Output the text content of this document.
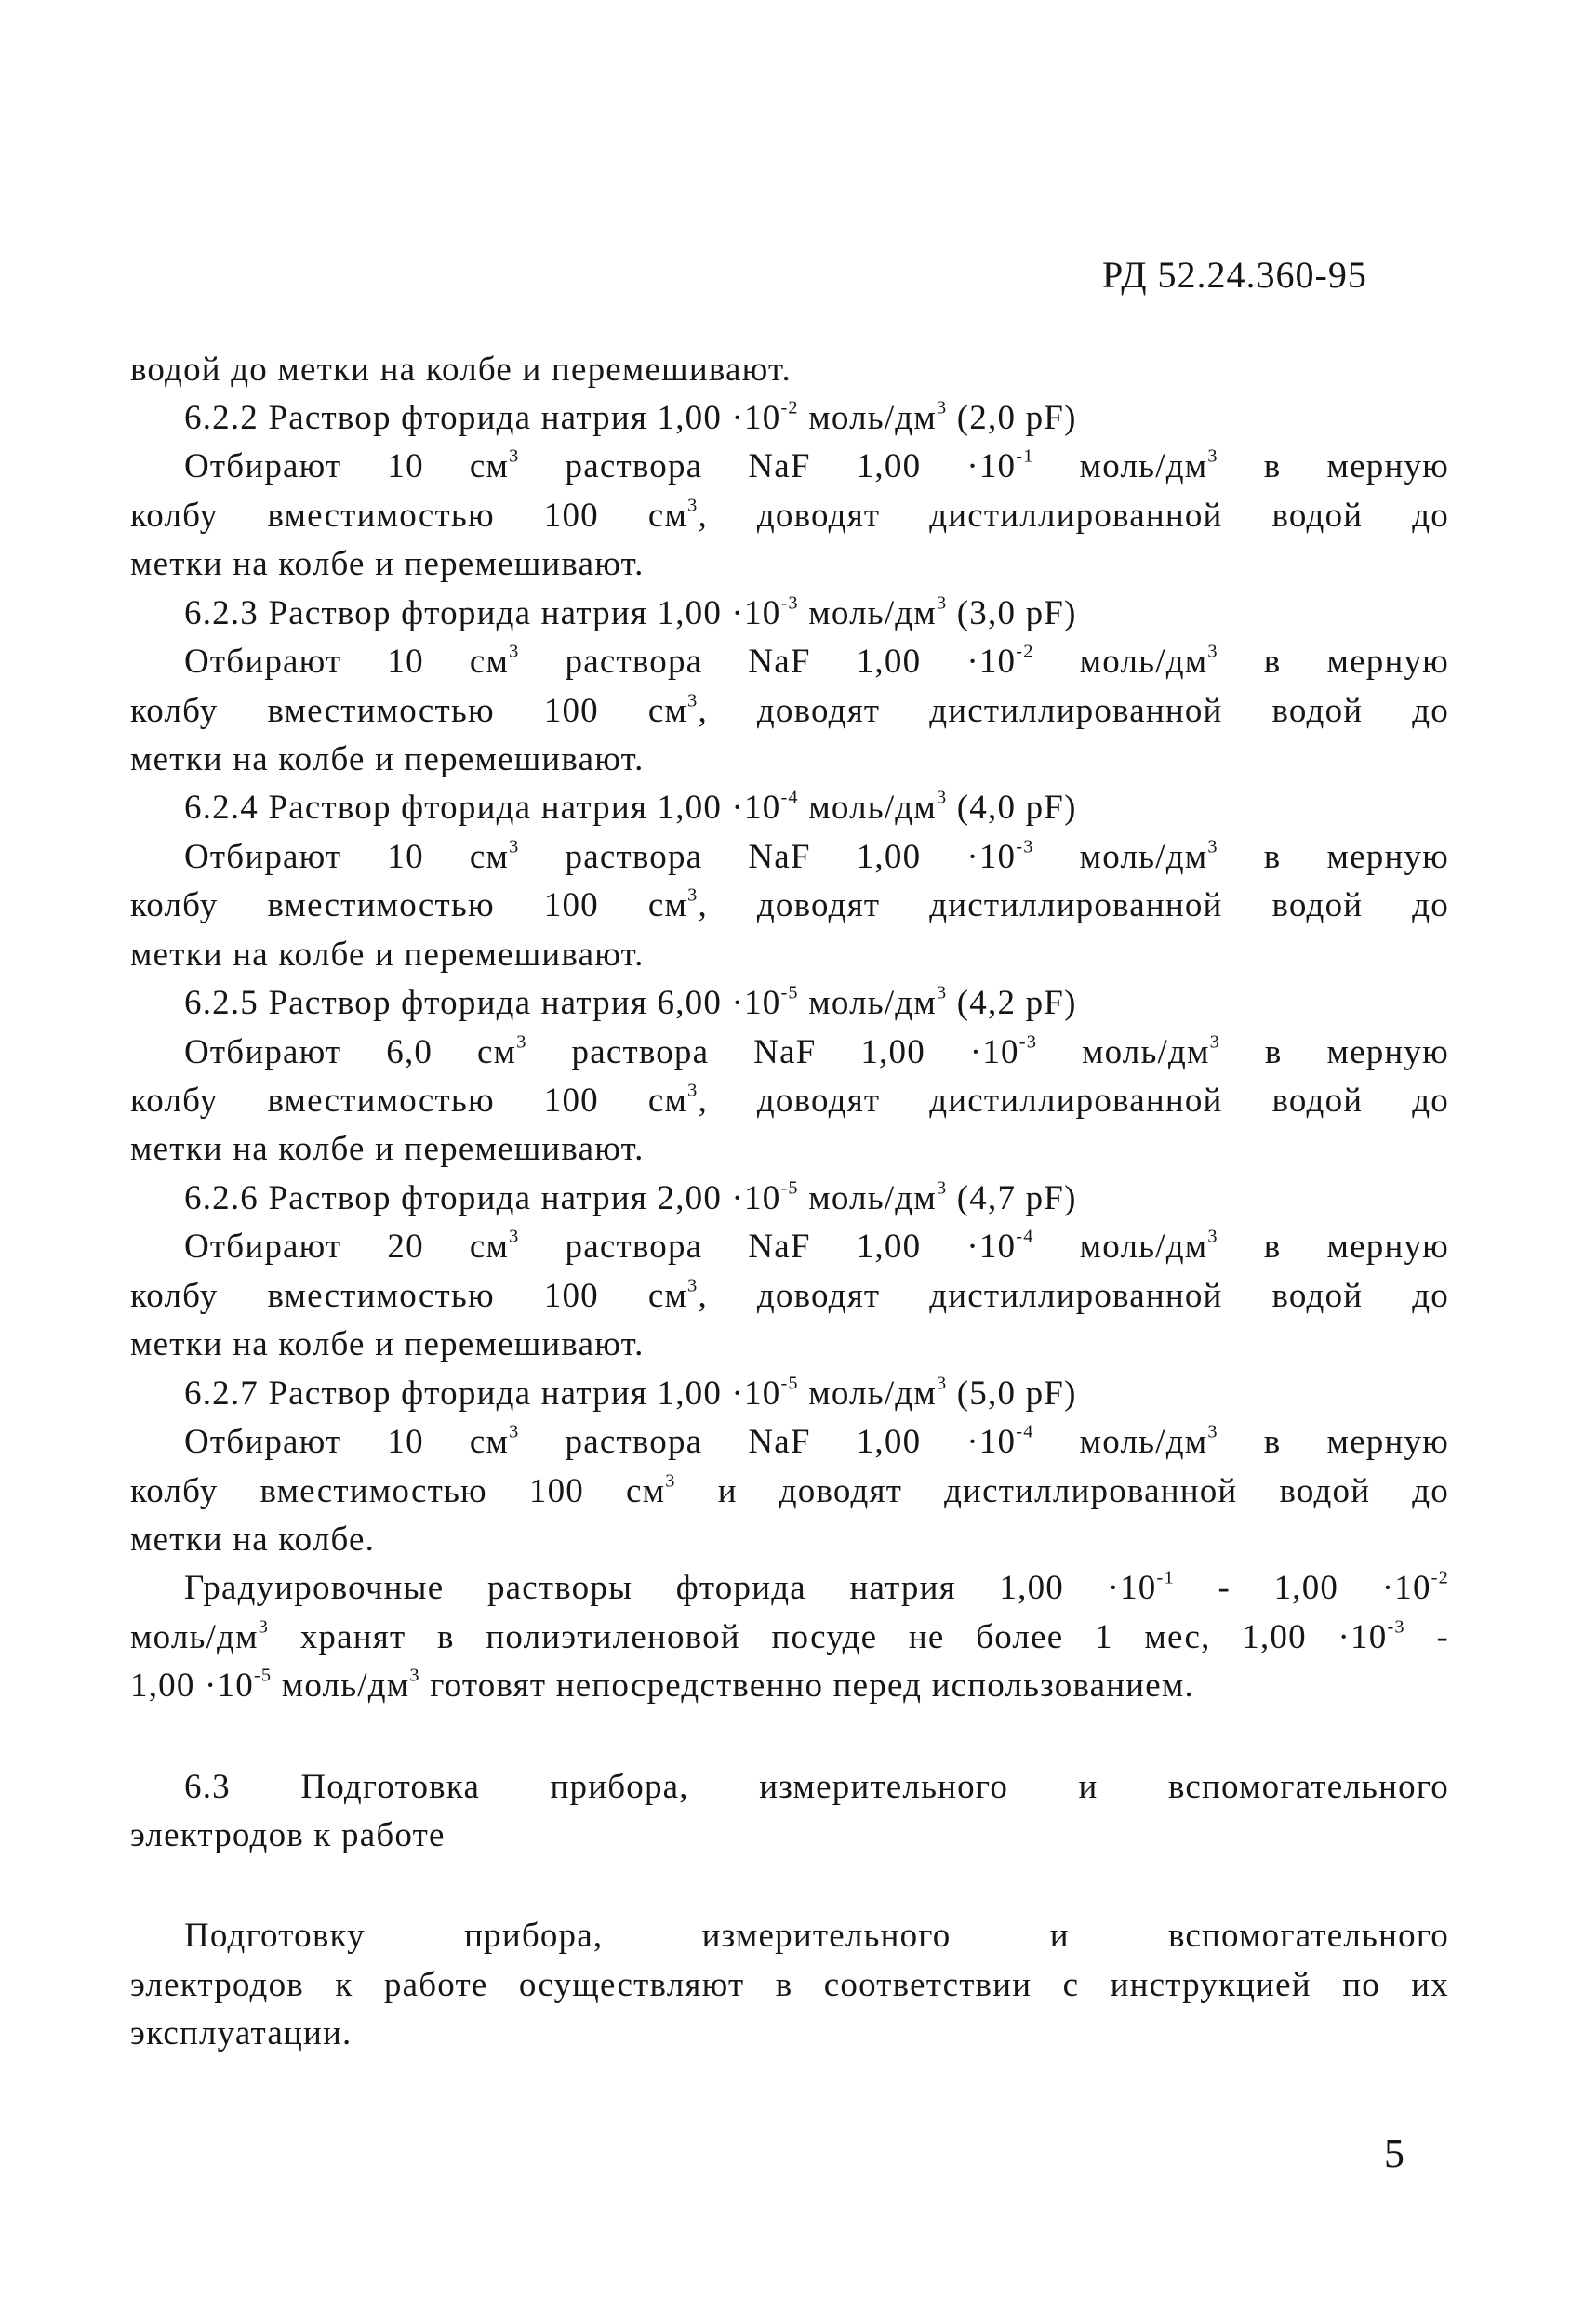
РД 52.24.360-95
водой до метки на колбе и перемешивают.
6.2.2 Раствор фторида натрия $1,00 \cdot 10^{-2}$ моль/$дм^3$ (2,0 pF)
Отбирают 10 $см^3$ раствора NaF $1,00 \cdot 10^{-1}$ моль/$дм^3$ в мерную
колбу вместимостью 100 $см^3$, доводят дистиллированной водой до
метки на колбе и перемешивают.
6.2.3 Раствор фторида натрия $1,00 \cdot 10^{-3}$ моль/$дм^3$ (3,0 pF)
Отбирают 10 $см^3$ раствора NaF $1,00 \cdot 10^{-2}$ моль/$дм^3$ в мерную
колбу вместимостью 100 $см^3$, доводят дистиллированной водой до
метки на колбе и перемешивают.
6.2.4 Раствор фторида натрия $1,00 \cdot 10^{-4}$ моль/$дм^3$ (4,0 pF)
Отбирают 10 $см^3$ раствора NaF $1,00 \cdot 10^{-3}$ моль/$дм^3$ в мерную
колбу вместимостью 100 $см^3$, доводят дистиллированной водой до
метки на колбе и перемешивают.
6.2.5 Раствор фторида натрия $6,00 \cdot 10^{-5}$ моль/$дм^3$ (4,2 pF)
Отбирают 6,0 $см^3$ раствора NaF $1,00 \cdot 10^{-3}$ моль/$дм^3$ в мерную
колбу вместимостью 100 $см^3$, доводят дистиллированной водой до
метки на колбе и перемешивают.
6.2.6 Раствор фторида натрия $2,00 \cdot 10^{-5}$ моль/$дм^3$ (4,7 pF)
Отбирают 20 $см^3$ раствора NaF $1,00 \cdot 10^{-4}$ моль/$дм^3$ в мерную
колбу вместимостью 100 $см^3$, доводят дистиллированной водой до
метки на колбе и перемешивают.
6.2.7 Раствор фторида натрия $1,00 \cdot 10^{-5}$ моль/$дм^3$ (5,0 pF)
Отбирают 10 $см^3$ раствора NaF $1,00 \cdot 10^{-4}$ моль/$дм^3$ в мерную
колбу вместимостью 100 $см^3$ и доводят дистиллированной водой до
метки на колбе.
Градуировочные растворы фторида натрия $1,00 \cdot 10^{-1} - 1,00 \cdot 10^{-2}$
моль/$дм^3$ хранят в полиэтиленовой посуде не более 1 мес, $1,00 \cdot 10^{-3}$ -
$1,00 \cdot 10^{-5}$ моль/$дм^3$ готовят непосредственно перед использованием.
6.3 Подготовка прибора, измерительного и вспомогательного
электродов к работе
Подготовку прибора, измерительного и вспомогательного
электродов к работе осуществляют в соответствии с инструкцией по их
эксплуатации.
5
